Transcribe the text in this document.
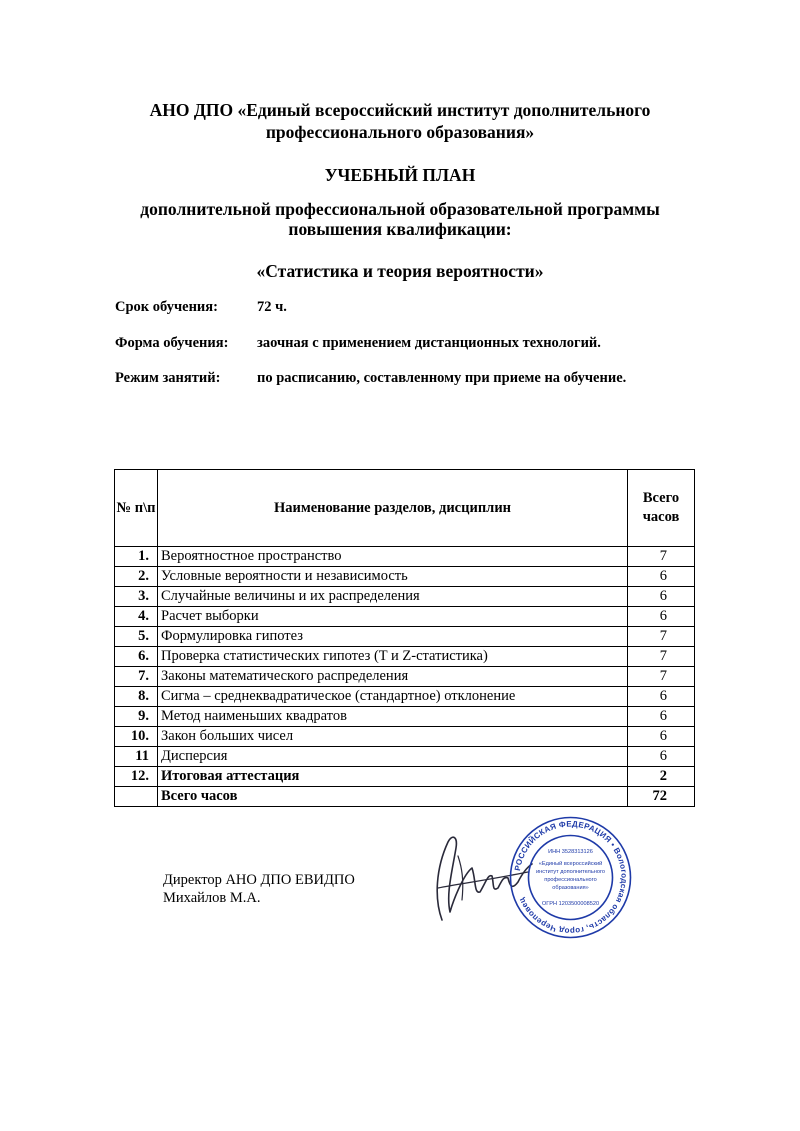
АНО ДПО «Единый всероссийский институт дополнительного
профессионального образования»
УЧЕБНЫЙ ПЛАН
дополнительной профессиональной образовательной программы
повышения квалификации:
«Статистика и теория вероятности»
Срок обучения:	72 ч.
Форма обучения: заочная с применением дистанционных технологий.
Режим занятий:	по расписанию, составленному при приеме на обучение.
№ п\п	Наименование разделов, дисциплин	Всего
часов

1.	Вероятностное пространство	7
2.	Условные вероятности и независимость	6
3.	Случайные величины и их распределения	6
4.	Расчет выборки	6
5.	Формулировка гипотез	7
6.	Проверка статистических гипотез (T и Z-статистика)	7
7.	Законы математического распределения	7
8.	Сигма – среднеквадратическое (стандартное) отклонение	6
9.	Метод наименьших квадратов	6
10.	Закон больших чисел	6
11	Дисперсия	6
12.	Итоговая аттестация	2
	Всего часов	72
Директор АНО ДПО ЕВИДПО
Михайлов М.А.
РОССИЙСКАЯ ФЕДЕРАЦИЯ • Вологодская область, город Череповец
ИНН 3528313126
«Единый всероссийский
институт дополнительного
профессионального
образования»
ОГРН 1203500008520
